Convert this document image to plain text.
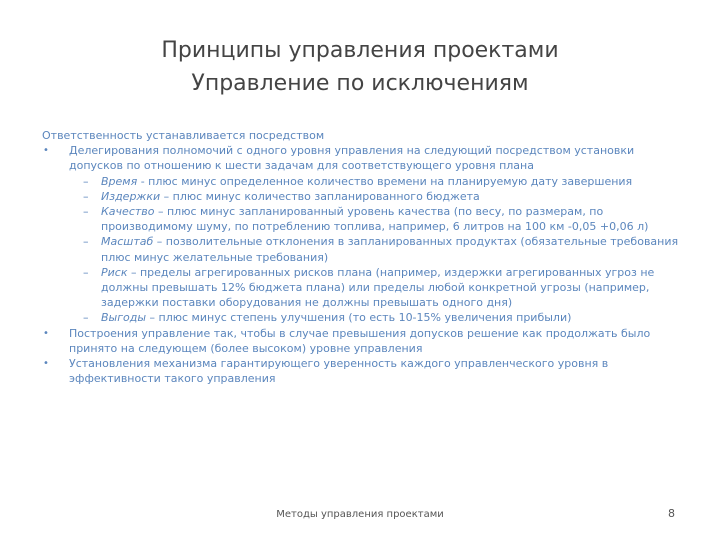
Принципы управления проектами
Управление по исключениям

Ответственность устанавливается посредством

• Делегирования полномочий с одного уровня управления на следующий посредством установки допусков по отношению к шести задачам для соответствующего уровня плана

– Время - плюс минус определенное количество времени на планируемую дату завершения

– Издержки – плюс минус количество запланированного бюджета

– Качество – плюс минус запланированный уровень качества (по весу, по размерам, по производимому шуму, по потреблению топлива, например, 6 литров на 100 км -0,05 +0,06 л)

– Масштаб – позволительные отклонения в запланированных продуктах (обязательные требования плюс минус желательные требования)

– Риск – пределы агрегированных рисков плана (например, издержки агрегированных угроз не должны превышать 12% бюджета плана) или пределы любой конкретной угрозы (например, задержки поставки оборудования не должны превышать одного дня)

– Выгоды – плюс минус степень улучшения (то есть 10-15% увеличения прибыли)

• Построения управление так, чтобы в случае превышения допусков решение как продолжать было принято на следующем (более высоком) уровне управления

• Установления механизма гарантирующего уверенность каждого управленческого уровня в эффективности такого управления

Методы управления проектами	8
